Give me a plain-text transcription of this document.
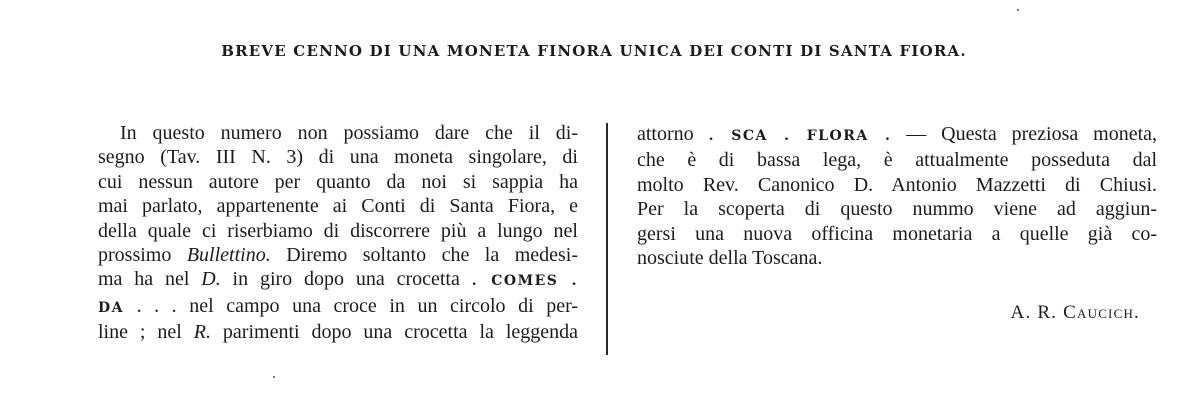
BREVE CENNO DI UNA MONETA FINORA UNICA DEI CONTI DI SANTA FIORA.
In questo numero non possiamo dare che il di-
segno (Tav. III N. 3) di una moneta singolare, di
cui nessun autore per quanto da noi si sappia ha
mai parlato, appartenente ai Conti di Santa Fiora, e
della quale ci riserbiamo di discorrere più a lungo nel
prossimo Bullettino. Diremo soltanto che la medesi-
ma ha nel D. in giro dopo una crocetta . COMES .
DA . . . nel campo una croce in un circolo di per-
line ; nel R. parimenti dopo una crocetta la leggenda
attorno . SCA . FLORA . — Questa preziosa moneta,
che è di bassa lega, è attualmente posseduta dal
molto Rev. Canonico D. Antonio Mazzetti di Chiusi.
Per la scoperta di questo nummo viene ad aggiun-
gersi una nuova officina monetaria a quelle già co-
nosciute della Toscana.
A. R. Caucich.
